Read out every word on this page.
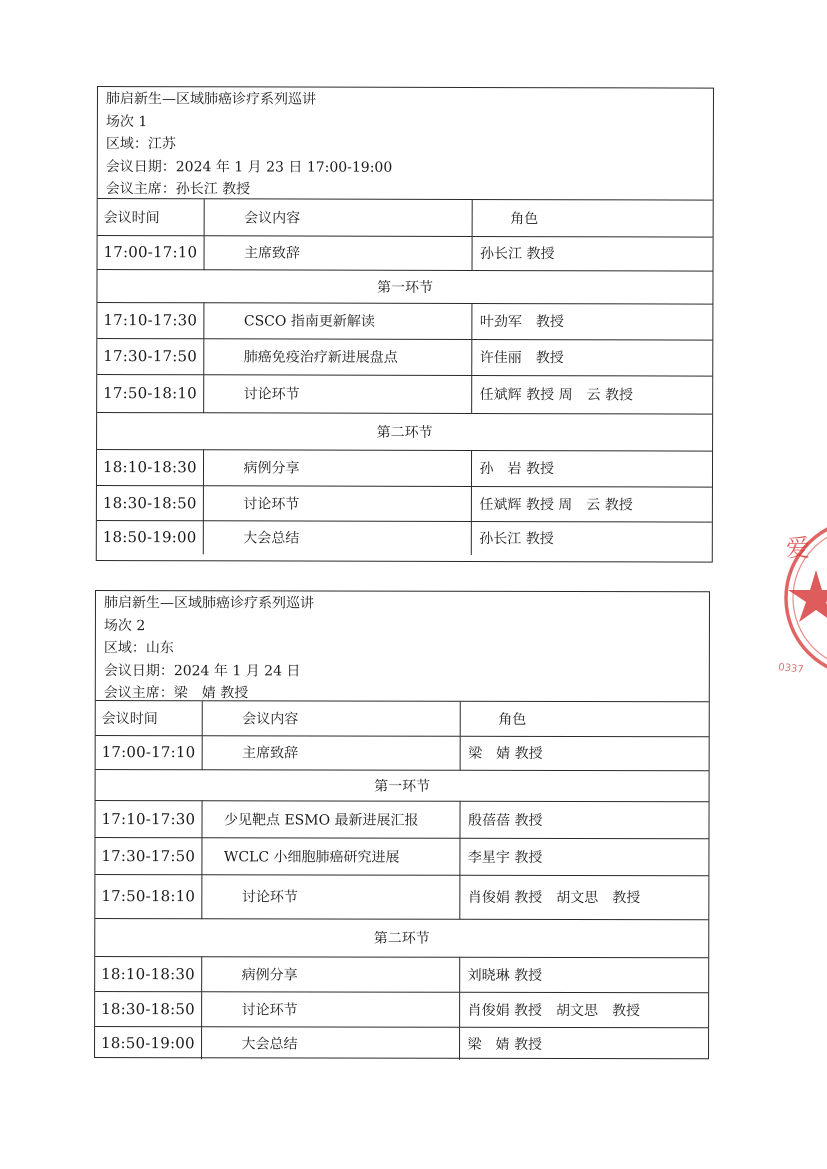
肺启新生—区域肺癌诊疗系列巡讲
场次 1
区域：江苏
会议日期：2024 年 1 月 23 日 17:00-19:00
会议主席：孙长江 教授
会议时间	会议内容	角色
17:00-17:10	主席致辞	孙长江 教授
第一环节		
17:10-17:30	CSCO 指南更新解读	叶劲军　教授
17:30-17:50	肺癌免疫治疗新进展盘点	许佳丽　教授
17:50-18:10	讨论环节	任斌辉 教授 周　云 教授
第二环节		
18:10-18:30	病例分享	孙　岩 教授
18:30-18:50	讨论环节	任斌辉 教授 周　云 教授
18:50-19:00	大会总结	孙长江 教授
肺启新生—区域肺癌诊疗系列巡讲
场次 2
区域：山东
会议日期：2024 年 1 月 24 日
会议主席：梁　婧 教授
会议时间	会议内容	角色
17:00-17:10	主席致辞	梁　婧 教授
第一环节		
17:10-17:30	少见靶点 ESMO 最新进展汇报	殷蓓蓓 教授
17:30-17:50	WCLC 小细胞肺癌研究进展	李星宇 教授
17:50-18:10	讨论环节	肖俊娟 教授　胡文思　教授
第二环节		
18:10-18:30	病例分享	刘晓琳 教授
18:30-18:50	讨论环节	肖俊娟 教授　胡文思　教授
18:50-19:00	大会总结	梁　婧 教授
爱
0337
